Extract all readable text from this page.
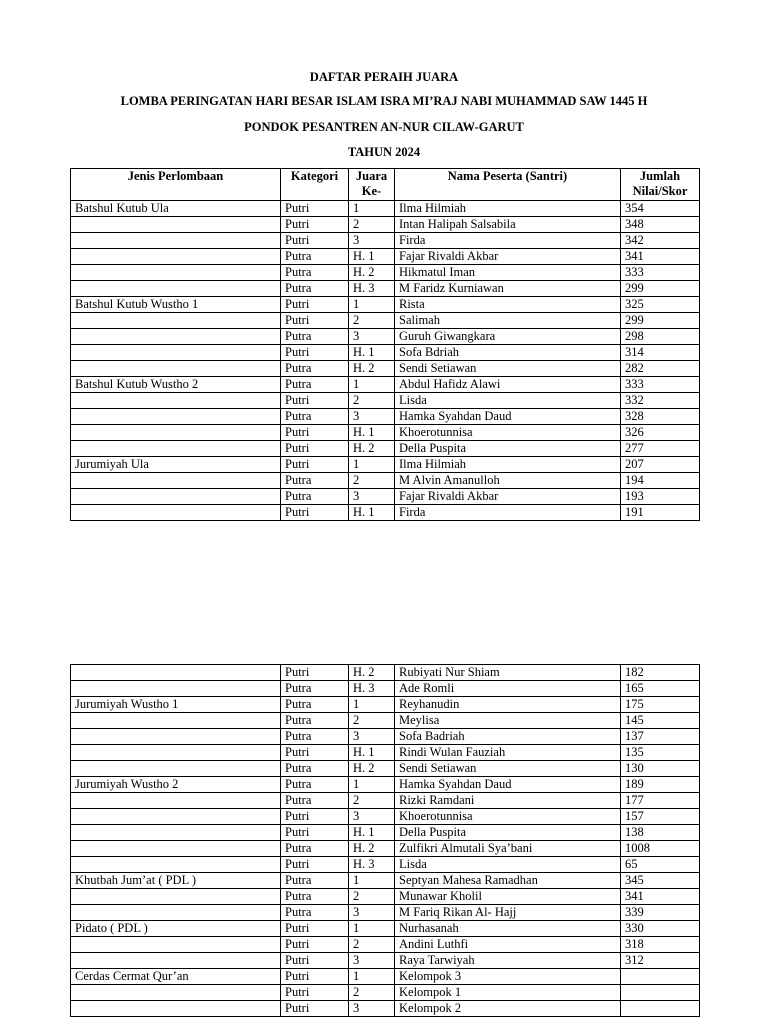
DAFTAR PERAIH JUARA
LOMBA PERINGATAN HARI BESAR ISLAM ISRA MI’RAJ NABI MUHAMMAD SAW 1445 H
PONDOK PESANTREN AN-NUR CILAW-GARUT
TAHUN 2024
Jenis Perlombaan	Kategori	Juara Ke-	Nama Peserta (Santri)	Jumlah Nilai/Skor
Batshul Kutub Ula	Putri	1	Ilma Hilmiah	354
	Putri	2	Intan Halipah Salsabila	348
	Putri	3	Firda	342
	Putra	H. 1	Fajar Rivaldi Akbar	341
	Putra	H. 2	Hikmatul Iman	333
	Putra	H. 3	M Faridz Kurniawan	299
Batshul Kutub Wustho 1	Putri	1	Rista	325
	Putri	2	Salimah	299
	Putra	3	Guruh Giwangkara	298
	Putri	H. 1	Sofa Bdriah	314
	Putra	H. 2	Sendi Setiawan	282
Batshul Kutub Wustho 2	Putra	1	Abdul Hafidz Alawi	333
	Putri	2	Lisda	332
	Putra	3	Hamka Syahdan Daud	328
	Putri	H. 1	Khoerotunnisa	326
	Putri	H. 2	Della Puspita	277
Jurumiyah Ula	Putri	1	Ilma Hilmiah	207
	Putra	2	M Alvin Amanulloh	194
	Putra	3	Fajar Rivaldi Akbar	193
	Putri	H. 1	Firda	191
	Putri	H. 2	Rubiyati Nur Shiam	182
	Putra	H. 3	Ade Romli	165
Jurumiyah Wustho 1	Putra	1	Reyhanudin	175
	Putra	2	Meylisa	145
	Putra	3	Sofa Badriah	137
	Putri	H. 1	Rindi Wulan Fauziah	135
	Putra	H. 2	Sendi Setiawan	130
Jurumiyah Wustho 2	Putra	1	Hamka Syahdan Daud	189
	Putra	2	Rizki Ramdani	177
	Putri	3	Khoerotunnisa	157
	Putri	H. 1	Della Puspita	138
	Putra	H. 2	Zulfikri Almutali Sya’bani	1008
	Putri	H. 3	Lisda	65
Khutbah Jum’at ( PDL )	Putra	1	Septyan Mahesa Ramadhan	345
	Putra	2	Munawar Kholil	341
	Putra	3	M Fariq Rikan Al- Hajj	339
Pidato ( PDL )	Putri	1	Nurhasanah	330
	Putri	2	Andini Luthfi	318
	Putri	3	Raya Tarwiyah	312
Cerdas Cermat Qur’an	Putri	1	Kelompok 3	
	Putri	2	Kelompok 1	
	Putri	3	Kelompok 2	
